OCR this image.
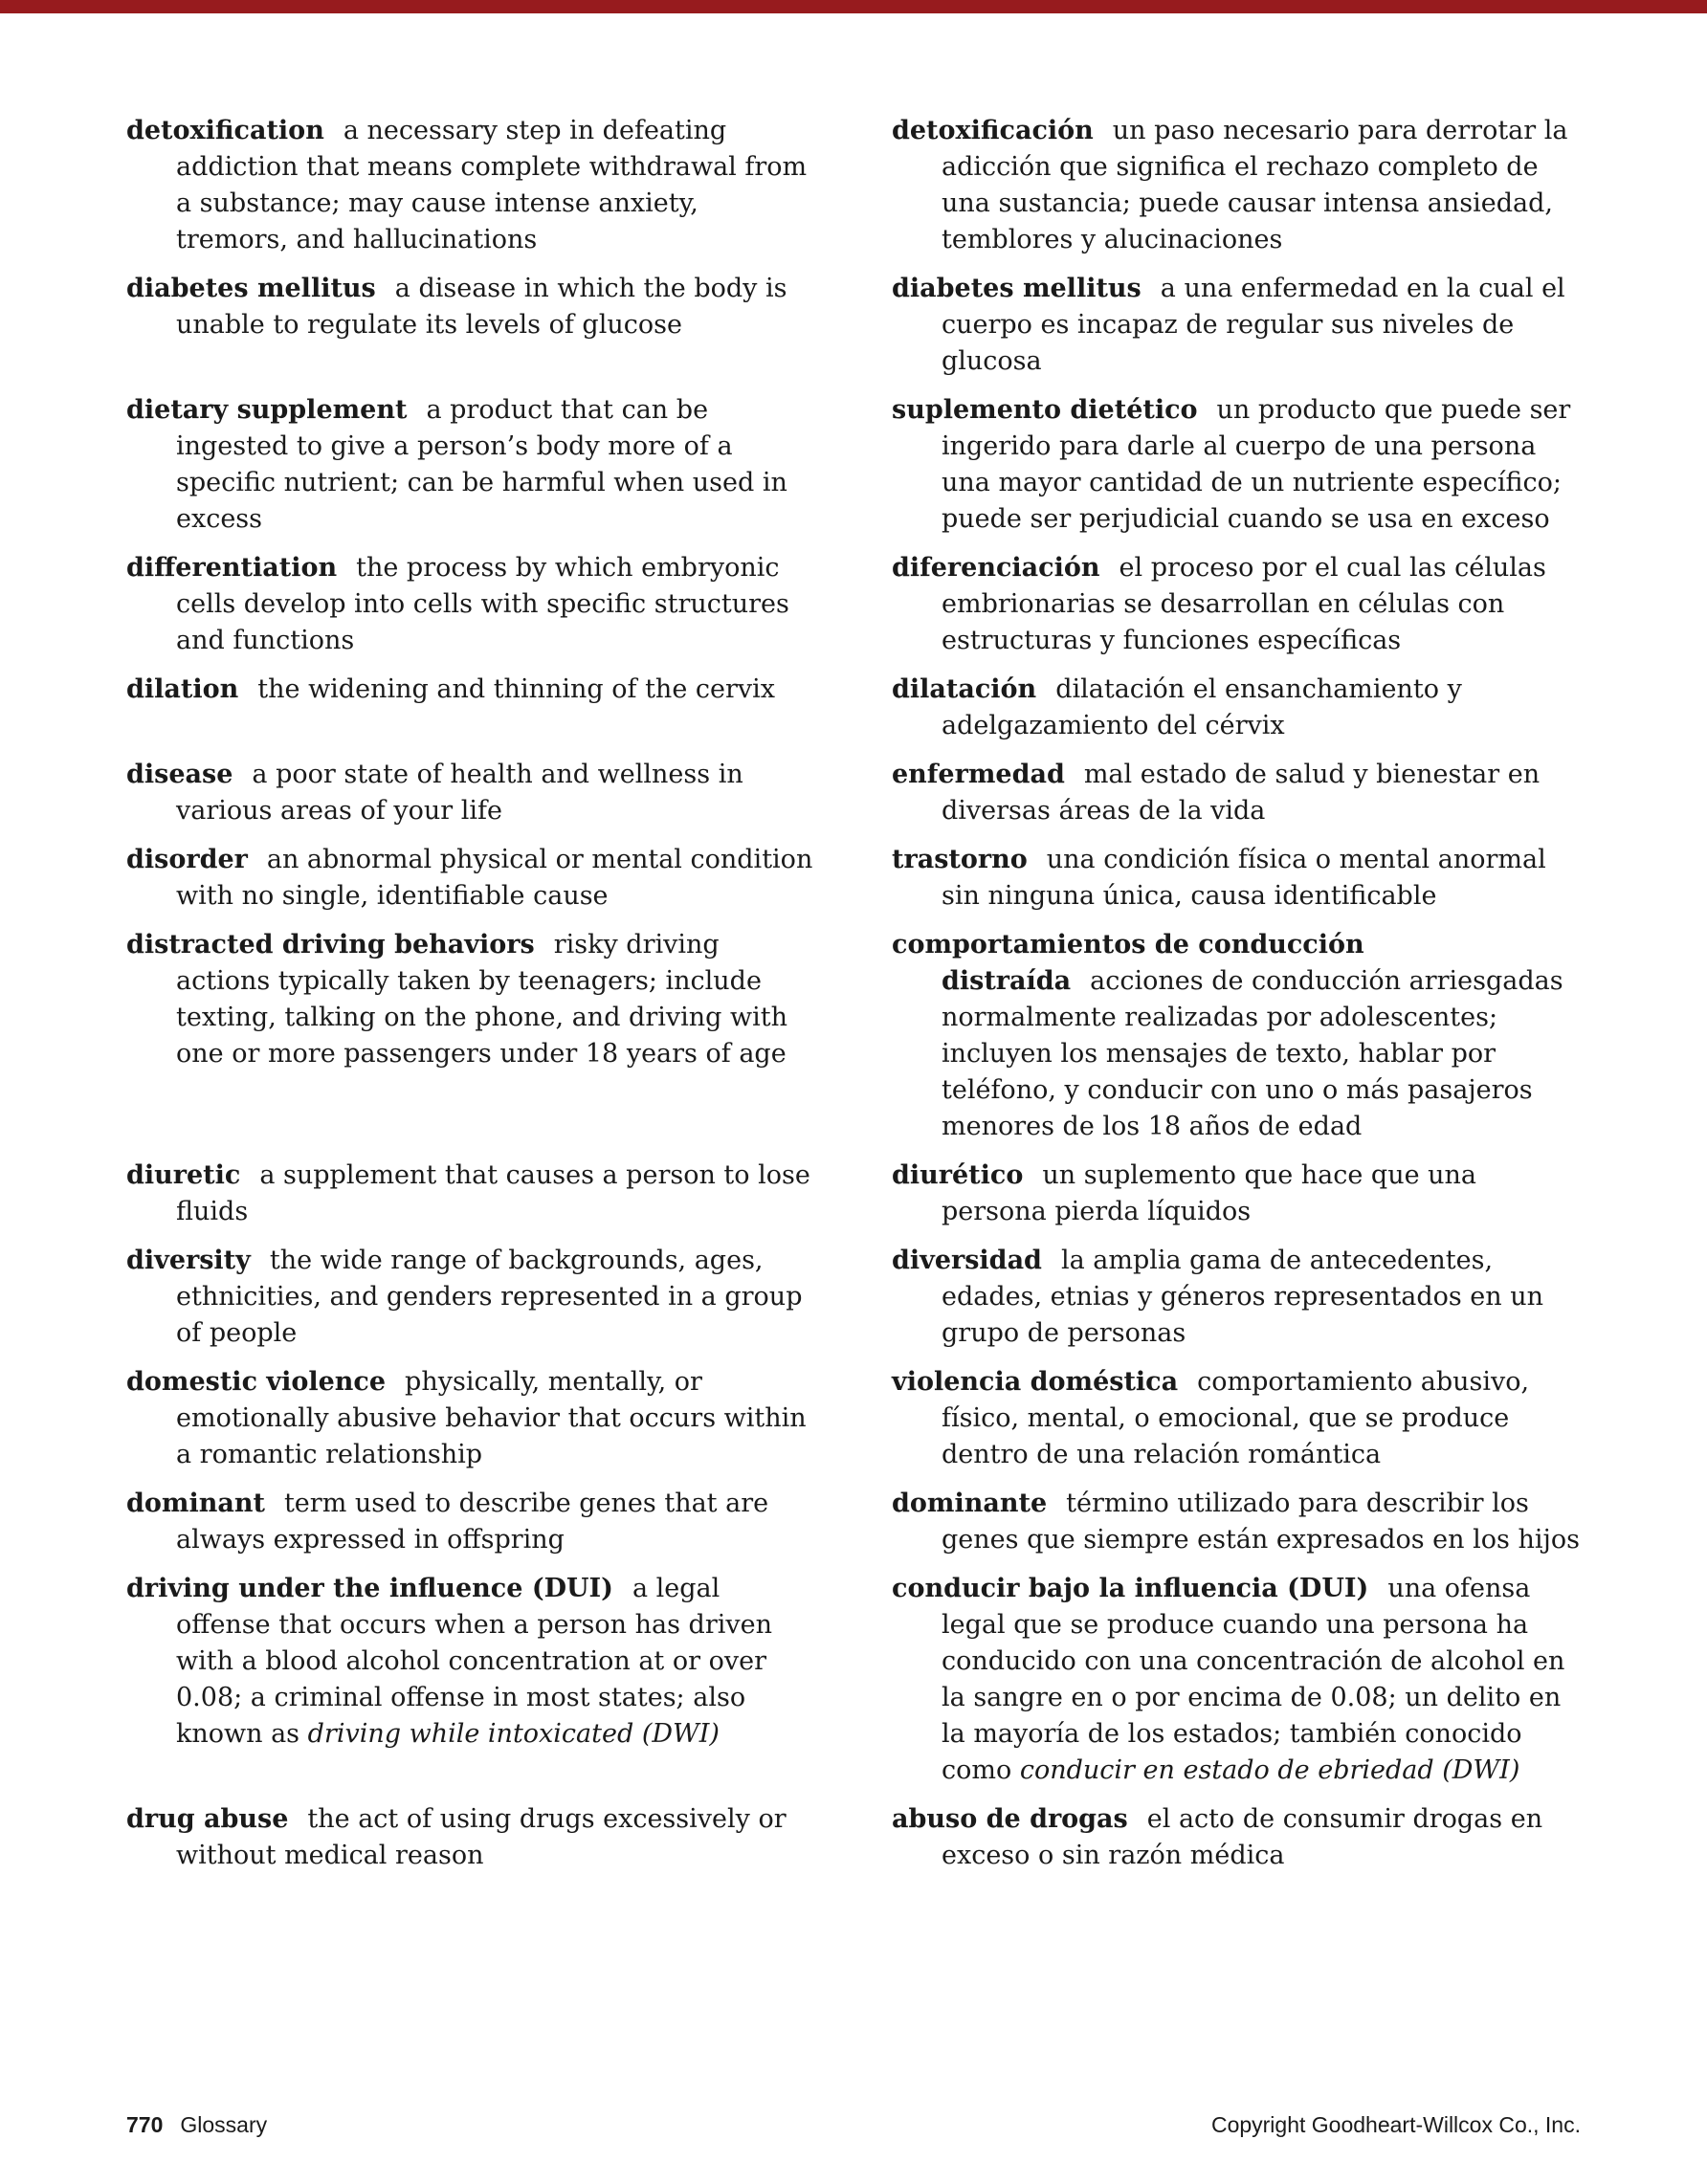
detoxification a necessary step in defeating addiction that means complete withdrawal from a substance; may cause intense anxiety, tremors, and hallucinations

detoxificación un paso necesario para derrotar la adicción que significa el rechazo completo de una sustancia; puede causar intensa ansiedad, temblores y alucinaciones

diabetes mellitus a disease in which the body is unable to regulate its levels of glucose

diabetes mellitus a una enfermedad en la cual el cuerpo es incapaz de regular sus niveles de glucosa

dietary supplement a product that can be ingested to give a person’s body more of a specific nutrient; can be harmful when used in excess

suplemento dietético un producto que puede ser ingerido para darle al cuerpo de una persona una mayor cantidad de un nutriente específico; puede ser perjudicial cuando se usa en exceso

differentiation the process by which embryonic cells develop into cells with specific structures and functions

diferenciación el proceso por el cual las células embrionarias se desarrollan en células con estructuras y funciones específicas

dilation the widening and thinning of the cervix	dilatación dilatación el ensanchamiento y adelgazamiento del cérvix

disease a poor state of health and wellness in various areas of your life

enfermedad mal estado de salud y bienestar en diversas áreas de la vida

disorder an abnormal physical or mental condition with no single, identifiable cause

trastorno una condición física o mental anormal sin ninguna única, causa identificable

distracted driving behaviors risky driving actions typically taken by teenagers; include texting, talking on the phone, and driving with one or more passengers under 18 years of age

comportamientos de conducción distraída acciones de conducción arriesgadas normalmente realizadas por adolescentes; incluyen los mensajes de texto, hablar por teléfono, y conducir con uno o más pasajeros menores de los 18 años de edad

diuretic a supplement that causes a person to lose fluids

diurético un suplemento que hace que una persona pierda líquidos

diversity the wide range of backgrounds, ages, ethnicities, and genders represented in a group of people

diversidad la amplia gama de antecedentes, edades, etnias y géneros representados en un grupo de personas

domestic violence physically, mentally, or emotionally abusive behavior that occurs within a romantic relationship

violencia doméstica comportamiento abusivo, físico, mental, o emocional, que se produce dentro de una relación romántica

dominant term used to describe genes that are always expressed in offspring

dominante término utilizado para describir los genes que siempre están expresados en los hijos

driving under the influence (DUI) a legal offense that occurs when a person has driven with a blood alcohol concentration at or over 0.08; a criminal offense in most states; also known as driving while intoxicated (DWI)

conducir bajo la influencia (DUI) una ofensa legal que se produce cuando una persona ha conducido con una concentración de alcohol en la sangre en o por encima de 0.08; un delito en la mayoría de los estados; también conocido como conducir en estado de ebriedad (DWI)

drug abuse the act of using drugs excessively or without medical reason

abuso de drogas el acto de consumir drogas en exceso o sin razón médica

770 Glossary	Copyright Goodheart-Willcox Co., Inc.
